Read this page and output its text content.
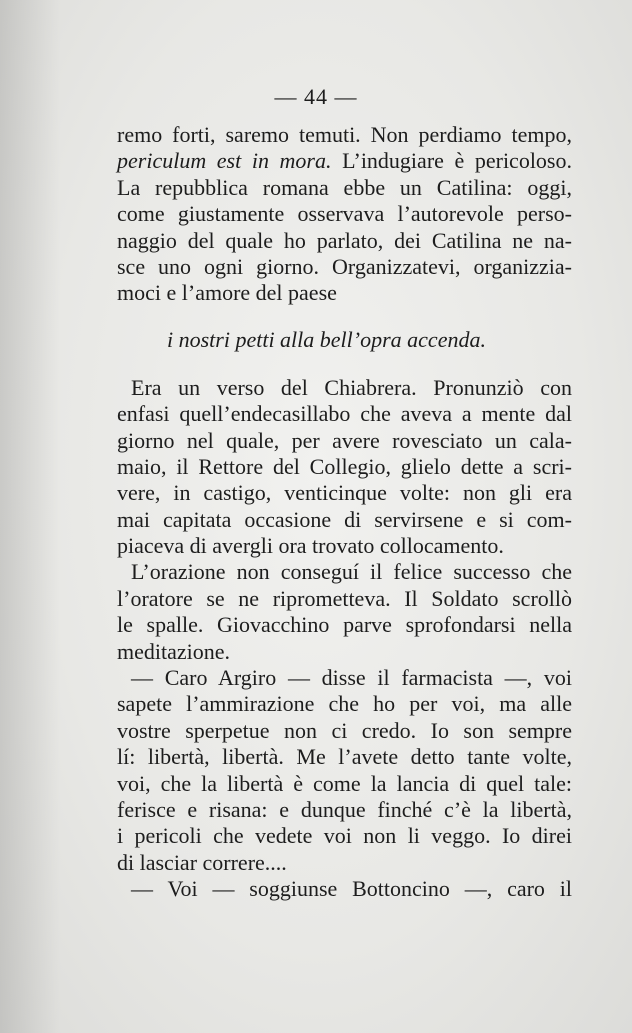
— 44 —
remo forti, saremo temuti. Non perdiamo tempo,
periculum est in mora. L’indugiare è pericoloso.
La repubblica romana ebbe un Catilina: oggi,
come giustamente osservava l’autorevole perso-
naggio del quale ho parlato, dei Catilina ne na-
sce uno ogni giorno. Organizzatevi, organizzia-
moci e l’amore del paese
i nostri petti alla bell’opra accenda.
Era un verso del Chiabrera. Pronunziò con
enfasi quell’endecasillabo che aveva a mente dal
giorno nel quale, per avere rovesciato un cala-
maio, il Rettore del Collegio, glielo dette a scri-
vere, in castigo, venticinque volte: non gli era
mai capitata occasione di servirsene e si com-
piaceva di avergli ora trovato collocamento.
L’orazione non conseguí il felice successo che
l’oratore se ne riprometteva. Il Soldato scrollò
le spalle. Giovacchino parve sprofondarsi nella
meditazione.
— Caro Argiro — disse il farmacista —, voi
sapete l’ammirazione che ho per voi, ma alle
vostre sperpetue non ci credo. Io son sempre
lí: libertà, libertà. Me l’avete detto tante volte,
voi, che la libertà è come la lancia di quel tale:
ferisce e risana: e dunque finché c’è la libertà,
i pericoli che vedete voi non li veggo. Io direi
di lasciar correre....
— Voi — soggiunse Bottoncino —, caro il
